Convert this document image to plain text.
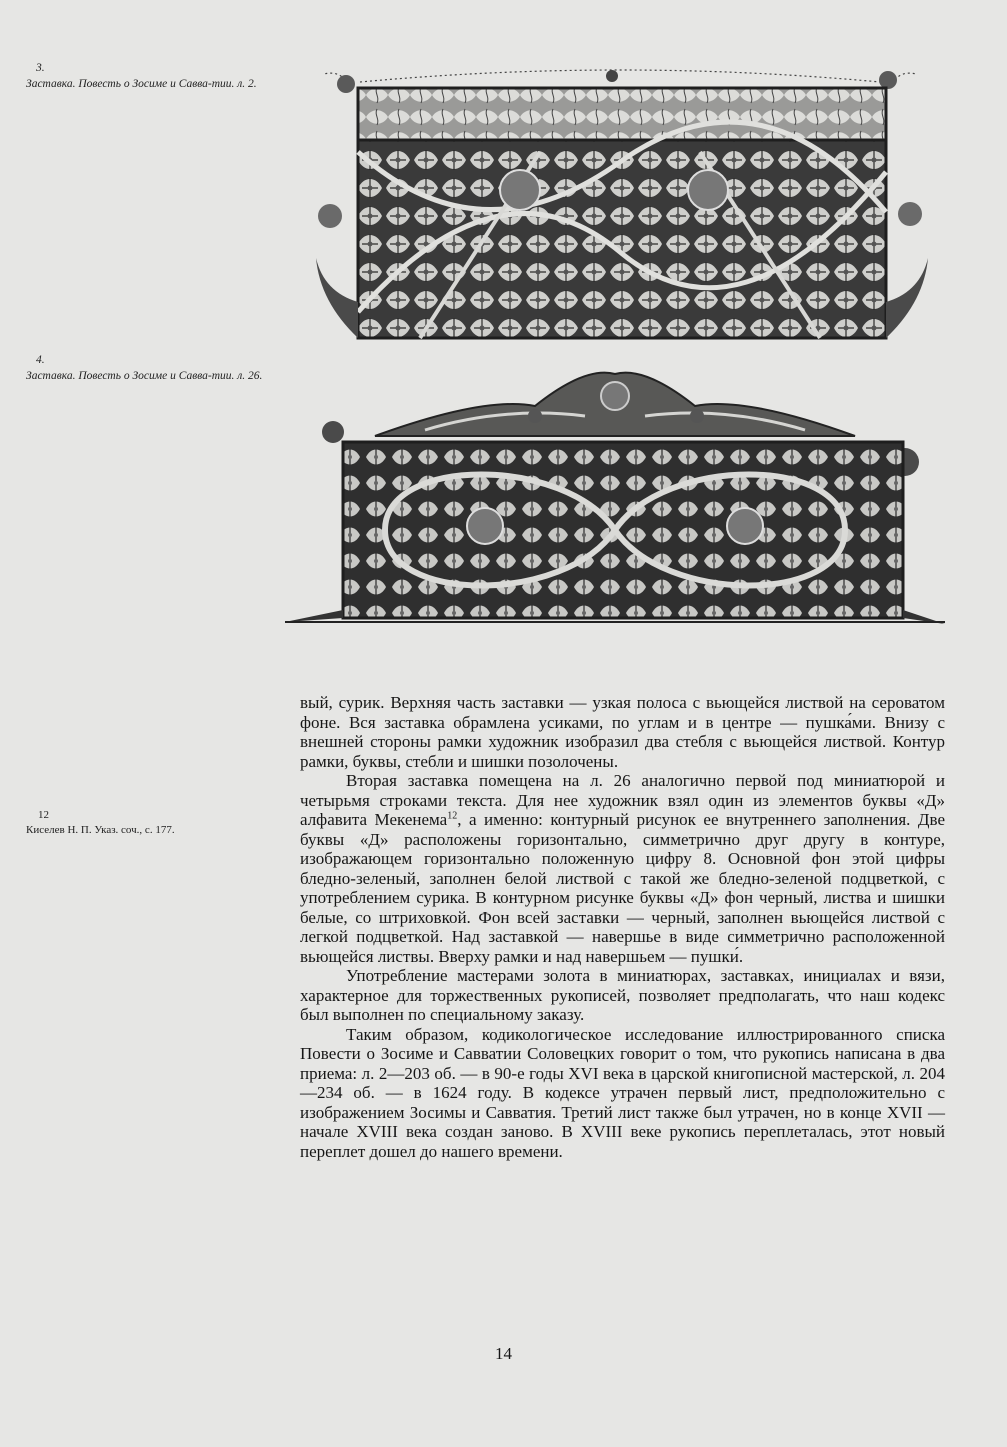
3.
Заставка. Повесть о Зосиме и Савва-тии. л. 2.
4.
Заставка. Повесть о Зосиме и Савва-тии. л. 26.
12
Киселев Н. П. Указ. соч., с. 177.

вый, сурик. Верхняя часть заставки — узкая полоса с вьющейся листвой на сероватом фоне. Вся заставка обрамлена усиками, по углам и в центре — пушка́ми. Внизу с внешней стороны рамки художник изобразил два стебля с вьющейся листвой. Контур рамки, буквы, стебли и шишки позолочены.

Вторая заставка помещена на л. 26 аналогично первой под миниатюрой и четырьмя строками текста. Для нее художник взял один из элементов буквы «Д» алфавита Мекенема$^{12}$, а именно: контурный рисунок ее внутреннего заполнения. Две буквы «Д» расположены горизонтально, симметрично друг другу в контуре, изображающем горизонтально положенную цифру 8. Основной фон этой цифры бледно-зеленый, заполнен белой листвой с такой же бледно-зеленой подцветкой, с употреблением сурика. В контурном рисунке буквы «Д» фон черный, листва и шишки белые, со штриховкой. Фон всей заставки — черный, заполнен вьющейся листвой с легкой подцветкой. Над заставкой — навершье в виде симметрично расположенной вьющейся листвы. Вверху рамки и над навершьем — пушки́.

Употребление мастерами золота в миниатюрах, заставках, инициалах и вязи, характерное для торжественных рукописей, позволяет предполагать, что наш кодекс был выполнен по специальному заказу.

Таким образом, кодикологическое исследование иллюстрированного списка Повести о Зосиме и Савватии Соловецких говорит о том, что рукопись написана в два приема: л. 2—203 об. — в 90-е годы XVI века в царской книгописной мастерской, л. 204—234 об. — в 1624 году. В кодексе утрачен первый лист, предположительно с изображением Зосимы и Савватия. Третий лист также был утрачен, но в конце XVII — начале XVIII века создан заново. В XVIII веке рукопись переплеталась, этот новый переплет дошел до нашего времени.

14
